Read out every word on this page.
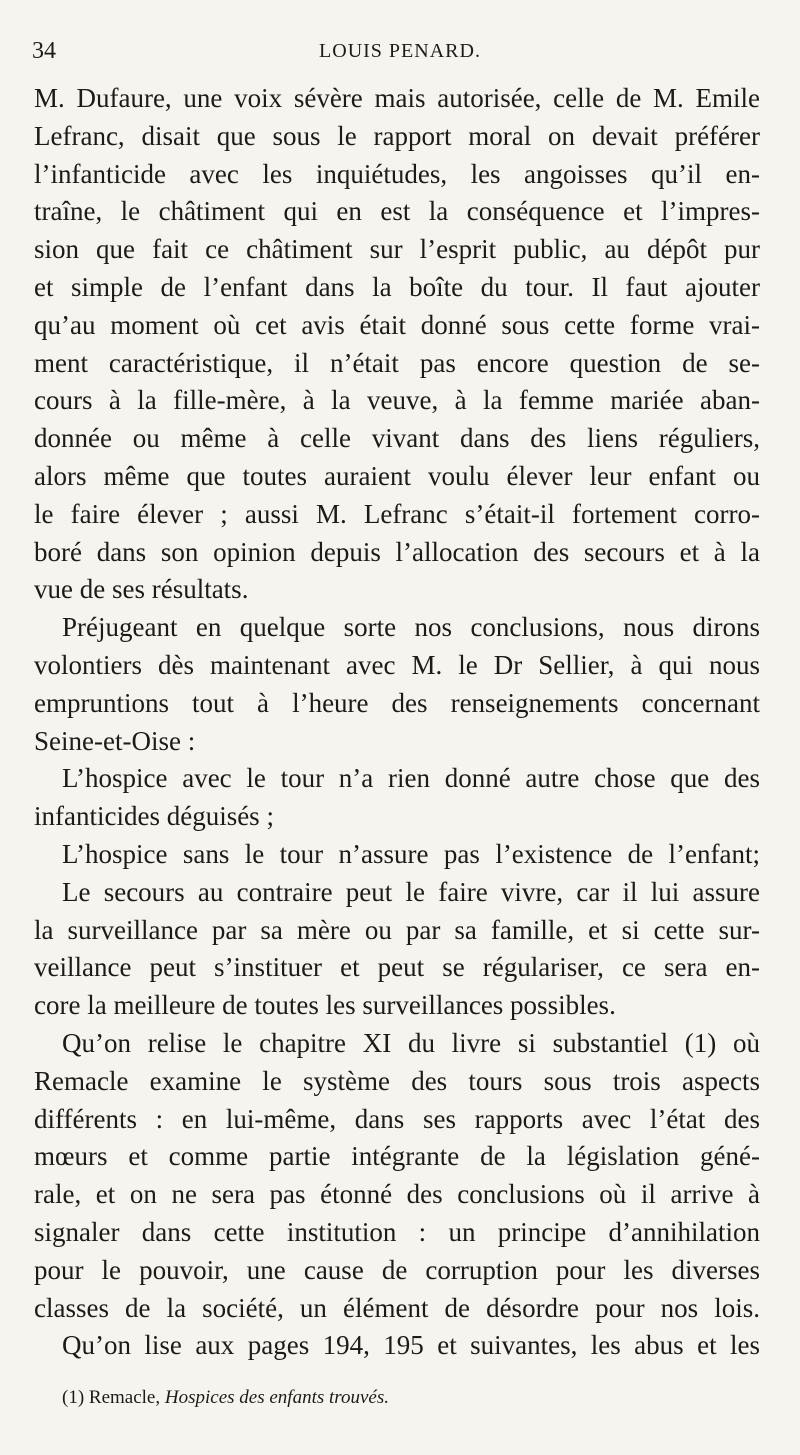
34	LOUIS PENARD.
M. Dufaure, une voix sévère mais autorisée, celle de M. Emile
Lefranc, disait que sous le rapport moral on devait préférer
l’infanticide avec les inquiétudes, les angoisses qu’il en-
traîne, le châtiment qui en est la conséquence et l’impres-
sion que fait ce châtiment sur l’esprit public, au dépôt pur
et simple de l’enfant dans la boîte du tour. Il faut ajouter
qu’au moment où cet avis était donné sous cette forme vrai-
ment caractéristique, il n’était pas encore question de se-
cours à la fille-mère, à la veuve, à la femme mariée aban-
donnée ou même à celle vivant dans des liens réguliers,
alors même que toutes auraient voulu élever leur enfant ou
le faire élever ; aussi M. Lefranc s’était-il fortement corro-
boré dans son opinion depuis l’allocation des secours et à la
vue de ses résultats.
Préjugeant en quelque sorte nos conclusions, nous dirons
volontiers dès maintenant avec M. le Dr Sellier, à qui nous
empruntions tout à l’heure des renseignements concernant
Seine-et-Oise :
L’hospice avec le tour n’a rien donné autre chose que des
infanticides déguisés ;
L’hospice sans le tour n’assure pas l’existence de l’enfant;
Le secours au contraire peut le faire vivre, car il lui assure
la surveillance par sa mère ou par sa famille, et si cette sur-
veillance peut s’instituer et peut se régulariser, ce sera en-
core la meilleure de toutes les surveillances possibles.
Qu’on relise le chapitre XI du livre si substantiel (1) où
Remacle examine le système des tours sous trois aspects
différents : en lui-même, dans ses rapports avec l’état des
mœurs et comme partie intégrante de la législation géné-
rale, et on ne sera pas étonné des conclusions où il arrive à
signaler dans cette institution : un principe d’annihilation
pour le pouvoir, une cause de corruption pour les diverses
classes de la société, un élément de désordre pour nos lois.
Qu’on lise aux pages 194, 195 et suivantes, les abus et les
(1) Remacle, Hospices des enfants trouvés.
